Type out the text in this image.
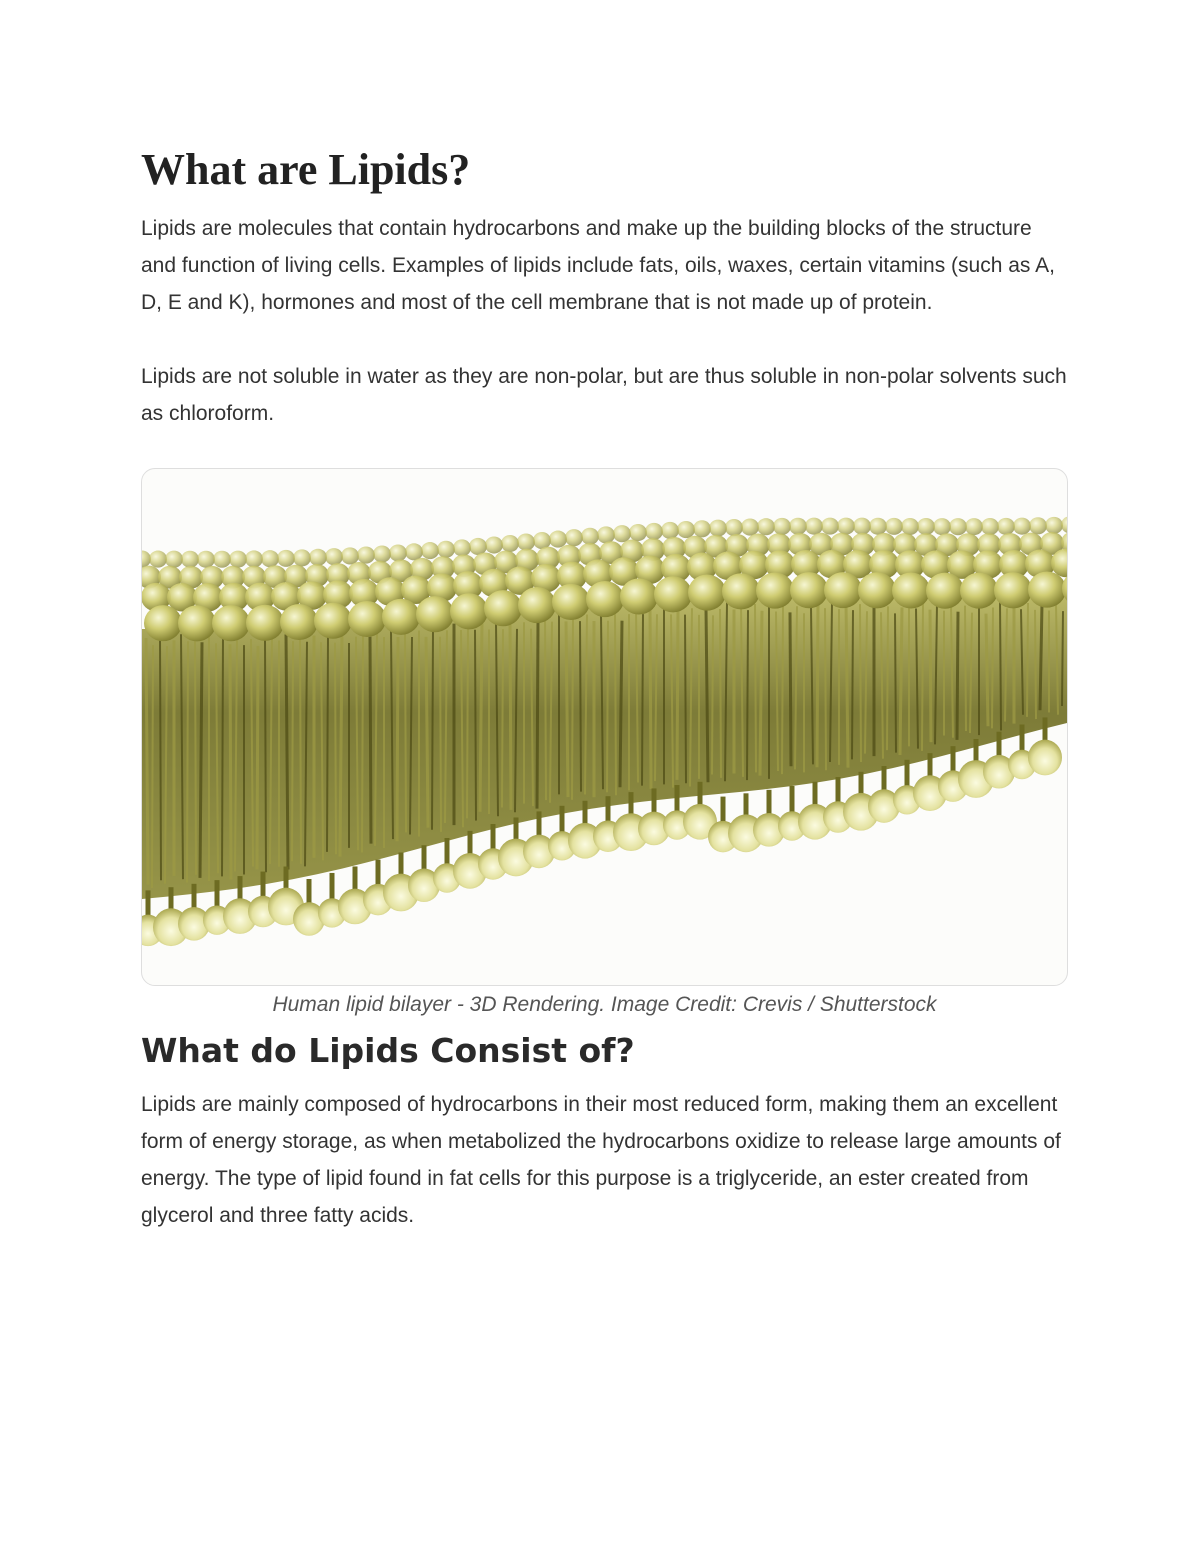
What are Lipids?

Lipids are molecules that contain hydrocarbons and make up the building blocks of the structure and function of living cells. Examples of lipids include fats, oils, waxes, certain vitamins (such as A, D, E and K), hormones and most of the cell membrane that is not made up of protein.

Lipids are not soluble in water as they are non-polar, but are thus soluble in non-polar solvents such as chloroform.

Human lipid bilayer - 3D Rendering. Image Credit: Crevis / Shutterstock

What do Lipids Consist of?

Lipids are mainly composed of hydrocarbons in their most reduced form, making them an excellent form of energy storage, as when metabolized the hydrocarbons oxidize to release large amounts of energy. The type of lipid found in fat cells for this purpose is a triglyceride, an ester created from glycerol and three fatty acids.
